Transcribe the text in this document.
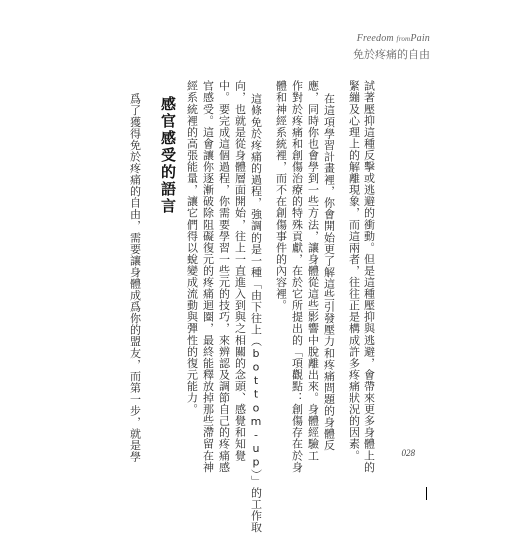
Freedom fromPain
免於疼痛的自由
試著壓抑這種反擊或逃避的衝動。但是這種壓抑與逃避，會帶來更多身體上的
緊繃及心理上的解離現象，而這兩者，往往正是構成許多疼痛狀況的因素。
在這項學習計畫裡，你會開始更了解這些引發壓力和疼痛問題的身體反
應，同時你也會學到一些方法，讓身體從這些影響中脫離出來。身體經驗工
作對於疼痛和創傷治療的特殊貢獻，在於它所提出的「項觀點：創傷存在於身
體和神經系統裡，而不在創傷事件的內容裡。
這條免於疼痛的過程，強調的是一種「由下往上（bottom-up）」的工作取
向，也就是從身體層面開始，往上一直進入到與之相關的念頭、感覺和知覺
中。要完成這個過程，你需要學習一些元的技巧，來辨認及調節自己的疼痛感
官感受。這會讓你逐漸破除阻礙復元的疼痛迴圈，最終能釋放掉那些滯留在神
經系統裡的高張能量，讓它們得以蛻變成流動與彈性的復元能力。
感官感受的語言
爲了獲得免於疼痛的自由，需要讓身體成爲你的盟友，而第一步，就是學	028
